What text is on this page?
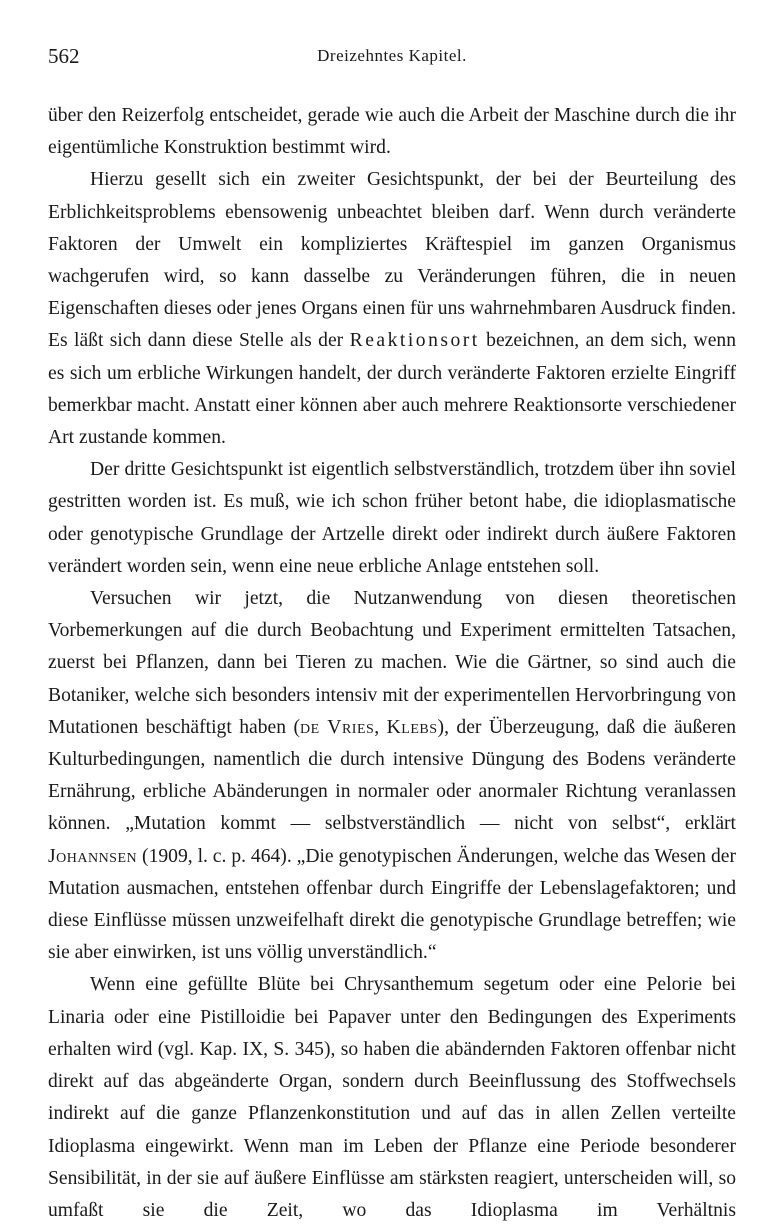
562	Dreizehntes Kapitel.

über den Reizerfolg entscheidet, gerade wie auch die Arbeit der Maschine durch die ihr eigentümliche Konstruktion bestimmt wird.

Hierzu gesellt sich ein zweiter Gesichtspunkt, der bei der Beurteilung des Erblichkeitsproblems ebensowenig unbeachtet bleiben darf. Wenn durch veränderte Faktoren der Umwelt ein kompliziertes Kräftespiel im ganzen Organismus wachgerufen wird, so kann dasselbe zu Veränderungen führen, die in neuen Eigenschaften dieses oder jenes Organs einen für uns wahrnehmbaren Ausdruck finden. Es läßt sich dann diese Stelle als der Reaktionsort bezeichnen, an dem sich, wenn es sich um erbliche Wirkungen handelt, der durch veränderte Faktoren erzielte Eingriff bemerkbar macht. Anstatt einer können aber auch mehrere Reaktionsorte verschiedener Art zustande kommen.

Der dritte Gesichtspunkt ist eigentlich selbstverständlich, trotzdem über ihn soviel gestritten worden ist. Es muß, wie ich schon früher betont habe, die idioplasmatische oder genotypische Grundlage der Artzelle direkt oder indirekt durch äußere Faktoren verändert worden sein, wenn eine neue erbliche Anlage entstehen soll.

Versuchen wir jetzt, die Nutzanwendung von diesen theoretischen Vorbemerkungen auf die durch Beobachtung und Experiment ermittelten Tatsachen, zuerst bei Pflanzen, dann bei Tieren zu machen. Wie die Gärtner, so sind auch die Botaniker, welche sich besonders intensiv mit der experimentellen Hervorbringung von Mutationen beschäftigt haben (de Vries, Klebs), der Überzeugung, daß die äußeren Kulturbedingungen, namentlich die durch intensive Düngung des Bodens veränderte Ernährung, erbliche Abänderungen in normaler oder anormaler Richtung veranlassen können. „Mutation kommt — selbstverständlich — nicht von selbst“, erklärt Johannsen (1909, l. c. p. 464). „Die genotypischen Änderungen, welche das Wesen der Mutation ausmachen, entstehen offenbar durch Eingriffe der Lebenslagefaktoren; und diese Einflüsse müssen unzweifelhaft direkt die genotypische Grundlage betreffen; wie sie aber einwirken, ist uns völlig unverständlich.“

Wenn eine gefüllte Blüte bei Chrysanthemum segetum oder eine Pelorie bei Linaria oder eine Pistilloidie bei Papaver unter den Bedingungen des Experiments erhalten wird (vgl. Kap. IX, S. 345), so haben die abändernden Faktoren offenbar nicht direkt auf das abgeänderte Organ, sondern durch Beeinflussung des Stoffwechsels indirekt auf die ganze Pflanzenkonstitution und auf das in allen Zellen verteilte Idioplasma eingewirkt. Wenn man im Leben der Pflanze eine Periode besonderer Sensibilität, in der sie auf äußere Einflüsse am stärksten reagiert, unterscheiden will, so umfaßt sie die Zeit, wo das Idioplasma im Verhältnis
